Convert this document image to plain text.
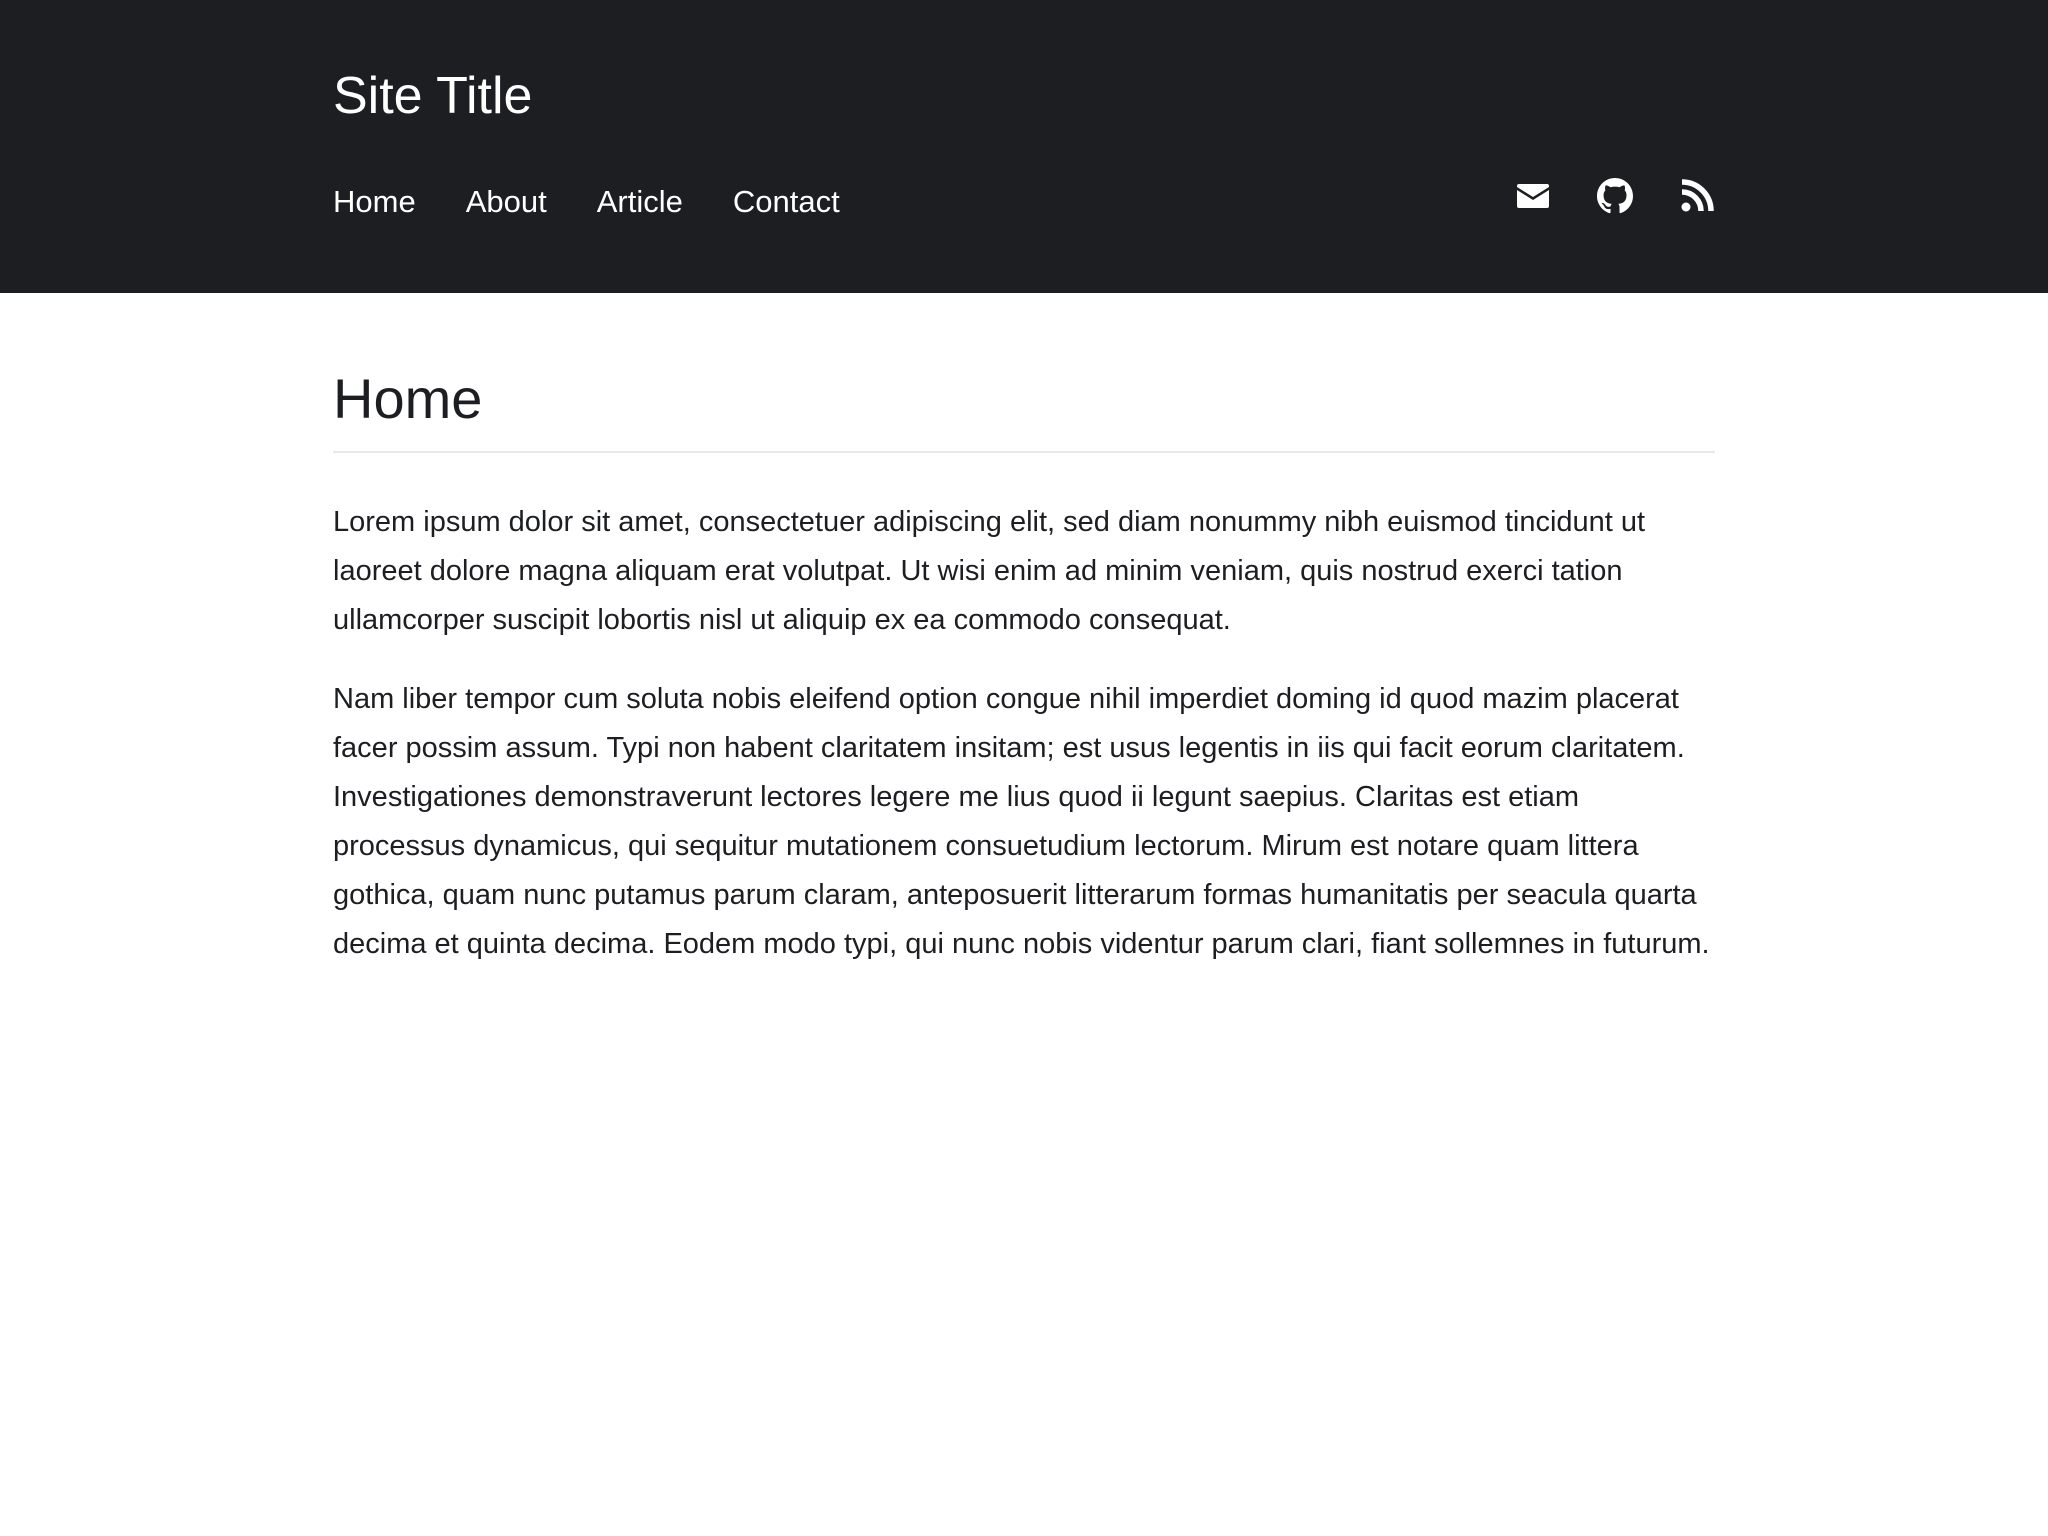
Site Title
Home About Article Contact
Home

Lorem ipsum dolor sit amet, consectetuer adipiscing elit, sed diam nonummy nibh euismod tincidunt ut laoreet dolore magna aliquam erat volutpat. Ut wisi enim ad minim veniam, quis nostrud exerci tation ullamcorper suscipit lobortis nisl ut aliquip ex ea commodo consequat.

Nam liber tempor cum soluta nobis eleifend option congue nihil imperdiet doming id quod mazim placerat facer possim assum. Typi non habent claritatem insitam; est usus legentis in iis qui facit eorum claritatem. Investigationes demonstraverunt lectores legere me lius quod ii legunt saepius. Claritas est etiam processus dynamicus, qui sequitur mutationem consuetudium lectorum. Mirum est notare quam littera gothica, quam nunc putamus parum claram, anteposuerit litterarum formas humanitatis per seacula quarta decima et quinta decima. Eodem modo typi, qui nunc nobis videntur parum clari, fiant sollemnes in futurum.
